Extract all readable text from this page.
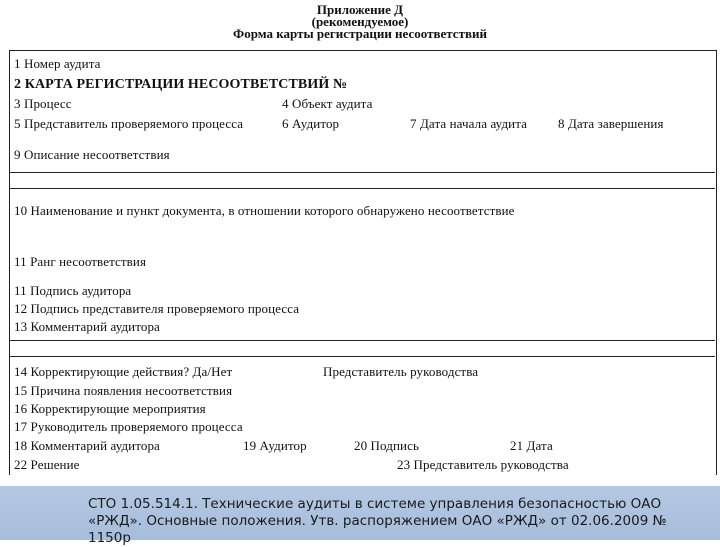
Приложение Д
(рекомендуемое)
Форма карты регистрации несоответствий
1 Номер аудита
2 КАРТА РЕГИСТРАЦИИ НЕСООТВЕТСТВИЙ №
3 Процесс	4 Объект аудита
5 Представитель проверяемого процесса	6 Аудитор	7 Дата начала аудита 8 Дата завершения
9 Описание несоответствия
10 Наименование и пункт документа, в отношении которого обнаружено несоответствие
11 Ранг несоответствия
11 Подпись аудитора
12 Подпись представителя проверяемого процесса
13 Комментарий аудитора
14 Корректирующие действия? Да/Нет	Представитель руководства
15 Причина появления несоответствия
16 Корректирующие мероприятия
17 Руководитель проверяемого процесса
18 Комментарий аудитора	19 Аудитор	20 Подпись	21 Дата
22 Решение	23 Представитель руководства
СТО 1.05.514.1. Технические аудиты в системе управления безопасностью ОАО «РЖД». Основные положения. Утв. распоряжением ОАО «РЖД» от 02.06.2009 № 1150р
